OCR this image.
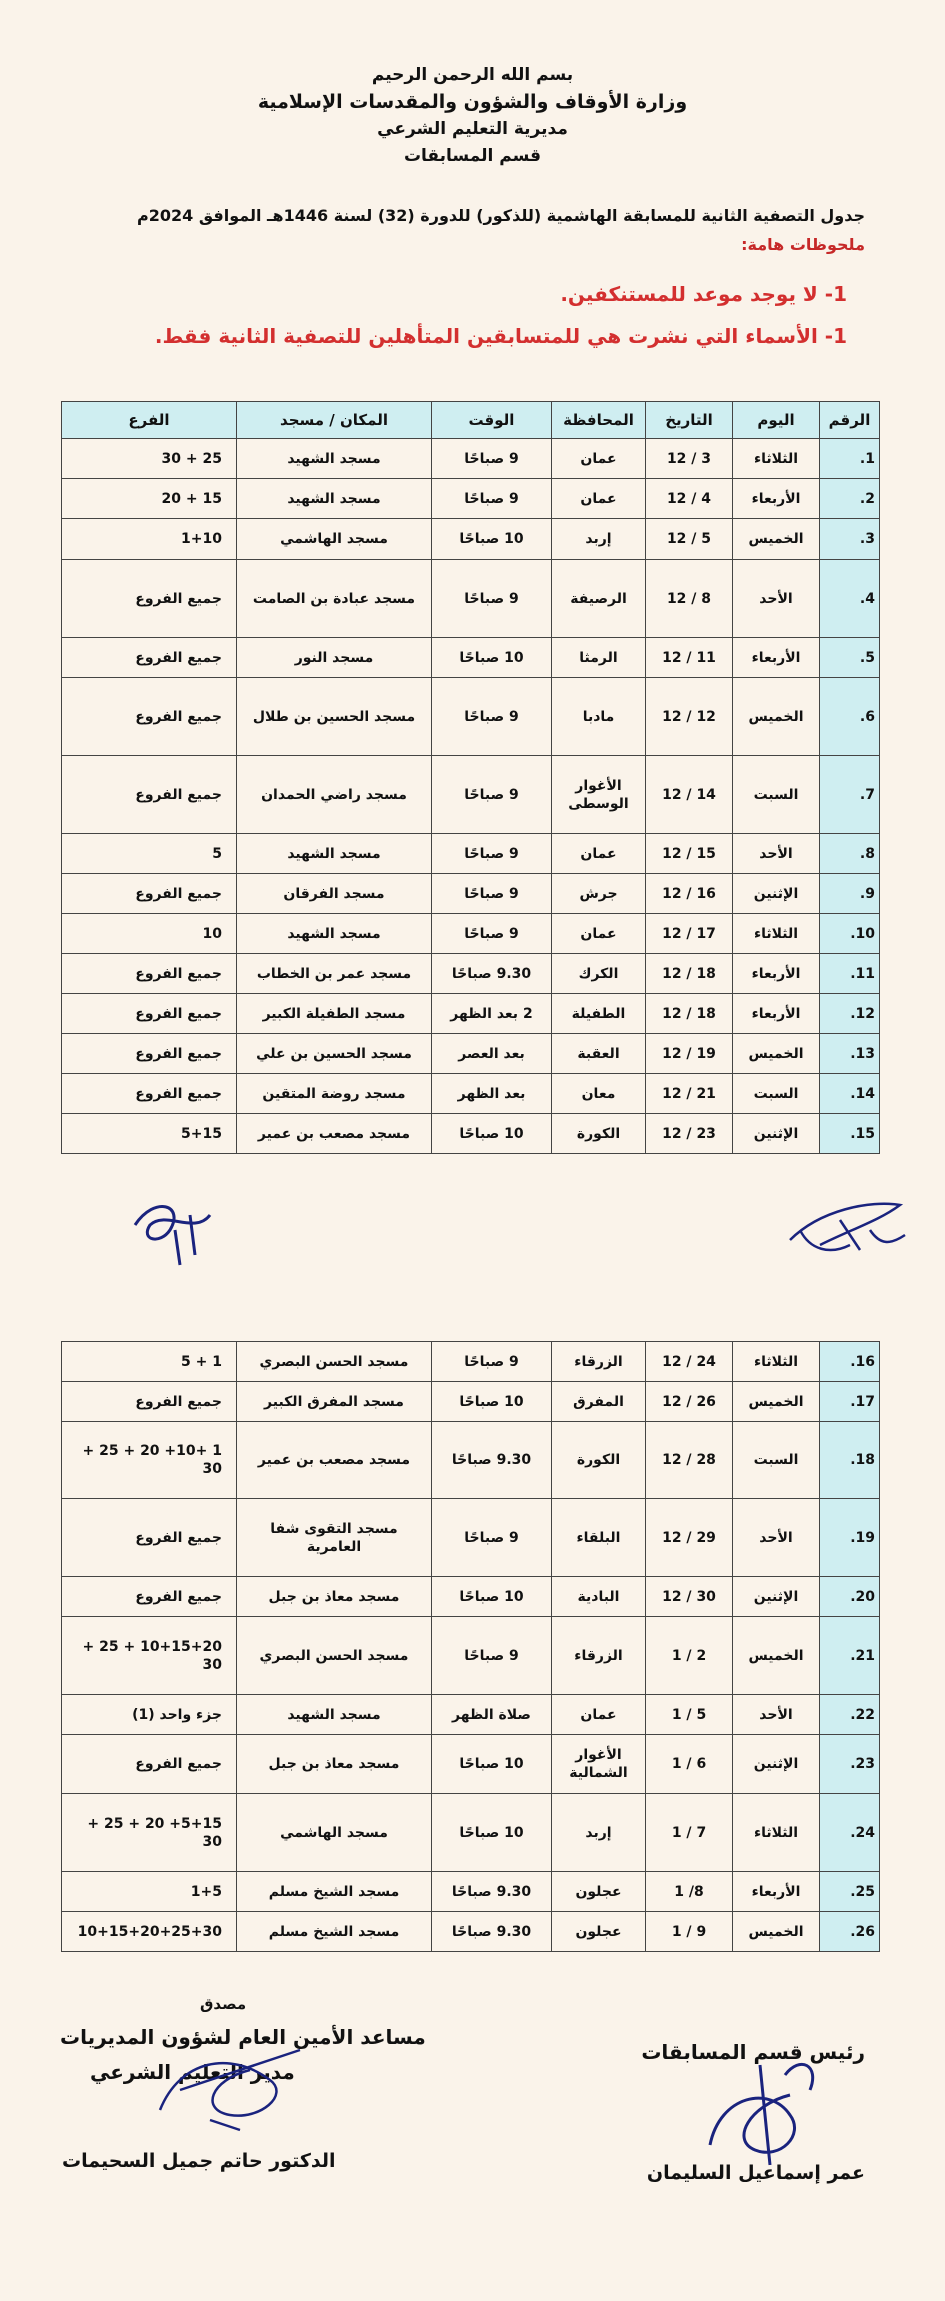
بسم الله الرحمن الرحيم
وزارة الأوقاف والشؤون والمقدسات الإسلامية
مديرية التعليم الشرعي
قسم المسابقات
جدول التصفية الثانية للمسابقة الهاشمية (للذكور) للدورة (32) لسنة 1446هـ الموافق 2024م
ملحوظات هامة:
1- لا يوجد موعد للمستنكفين.
1- الأسماء التي نشرت هي للمتسابقين المتأهلين للتصفية الثانية فقط.
الرقم	اليوم	التاريخ	المحافظة	الوقت	المكان / مسجد	الفرع
1.	الثلاثاء	3 / 12	عمان	9 صباحًا	مسجد الشهيد	25 + 30
2.	الأربعاء	4 / 12	عمان	9 صباحًا	مسجد الشهيد	15 + 20
3.	الخميس	5 / 12	إربد	10 صباحًا	مسجد الهاشمي	1+10
4.	الأحد	8 / 12	الرصيفة	9 صباحًا	مسجد عبادة بن الصامت	جميع الفروع
5.	الأربعاء	11 / 12	الرمثا	10 صباحًا	مسجد النور	جميع الفروع
6.	الخميس	12 / 12	مادبا	9 صباحًا	مسجد الحسين بن طلال	جميع الفروع
7.	السبت	14 / 12	الأغوار الوسطى	9 صباحًا	مسجد راضي الحمدان	جميع الفروع
8.	الأحد	15 / 12	عمان	9 صباحًا	مسجد الشهيد	5
9.	الإثنين	16 / 12	جرش	9 صباحًا	مسجد الفرقان	جميع الفروع
10.	الثلاثاء	17 / 12	عمان	9 صباحًا	مسجد الشهيد	10
11.	الأربعاء	18 / 12	الكرك	9.30 صباحًا	مسجد عمر بن الخطاب	جميع الفروع
12.	الأربعاء	18 / 12	الطفيلة	2 بعد الظهر	مسجد الطفيلة الكبير	جميع الفروع
13.	الخميس	19 / 12	العقبة	بعد العصر	مسجد الحسين بن علي	جميع الفروع
14.	السبت	21 / 12	معان	بعد الظهر	مسجد روضة المتقين	جميع الفروع
15.	الإثنين	23 / 12	الكورة	10 صباحًا	مسجد مصعب بن عمير	5+15
16.	الثلاثاء	24 / 12	الزرقاء	9 صباحًا	مسجد الحسن البصري	1 + 5
17.	الخميس	26 / 12	المفرق	10 صباحًا	مسجد المفرق الكبير	جميع الفروع
18.	السبت	28 / 12	الكورة	9.30 صباحًا	مسجد مصعب بن عمير	1 +10+ 20 + 25 + 30
19.	الأحد	29 / 12	البلقاء	9 صباحًا	مسجد التقوى شفا العامرية	جميع الفروع
20.	الإثنين	30 / 12	البادية	10 صباحًا	مسجد معاذ بن جبل	جميع الفروع
21.	الخميس	2 / 1	الزرقاء	9 صباحًا	مسجد الحسن البصري	10+15+20 + 25 + 30
22.	الأحد	5 / 1	عمان	صلاة الظهر	مسجد الشهيد	جزء واحد (1)
23.	الإثنين	6 / 1	الأغوار الشمالية	10 صباحًا	مسجد معاذ بن جبل	جميع الفروع
24.	الثلاثاء	7 / 1	إربد	10 صباحًا	مسجد الهاشمي	5+15+ 20 + 25 + 30
25.	الأربعاء	8/ 1	عجلون	9.30 صباحًا	مسجد الشيخ مسلم	1+5
26.	الخميس	9 / 1	عجلون	9.30 صباحًا	مسجد الشيخ مسلم	10+15+20+25+30
مصدق
مساعد الأمين العام لشؤون المديريات
مدير التعليم الشرعي
الدكتور حاتم جميل السحيمات
رئيس قسم المسابقات
عمر إسماعيل السليمان
